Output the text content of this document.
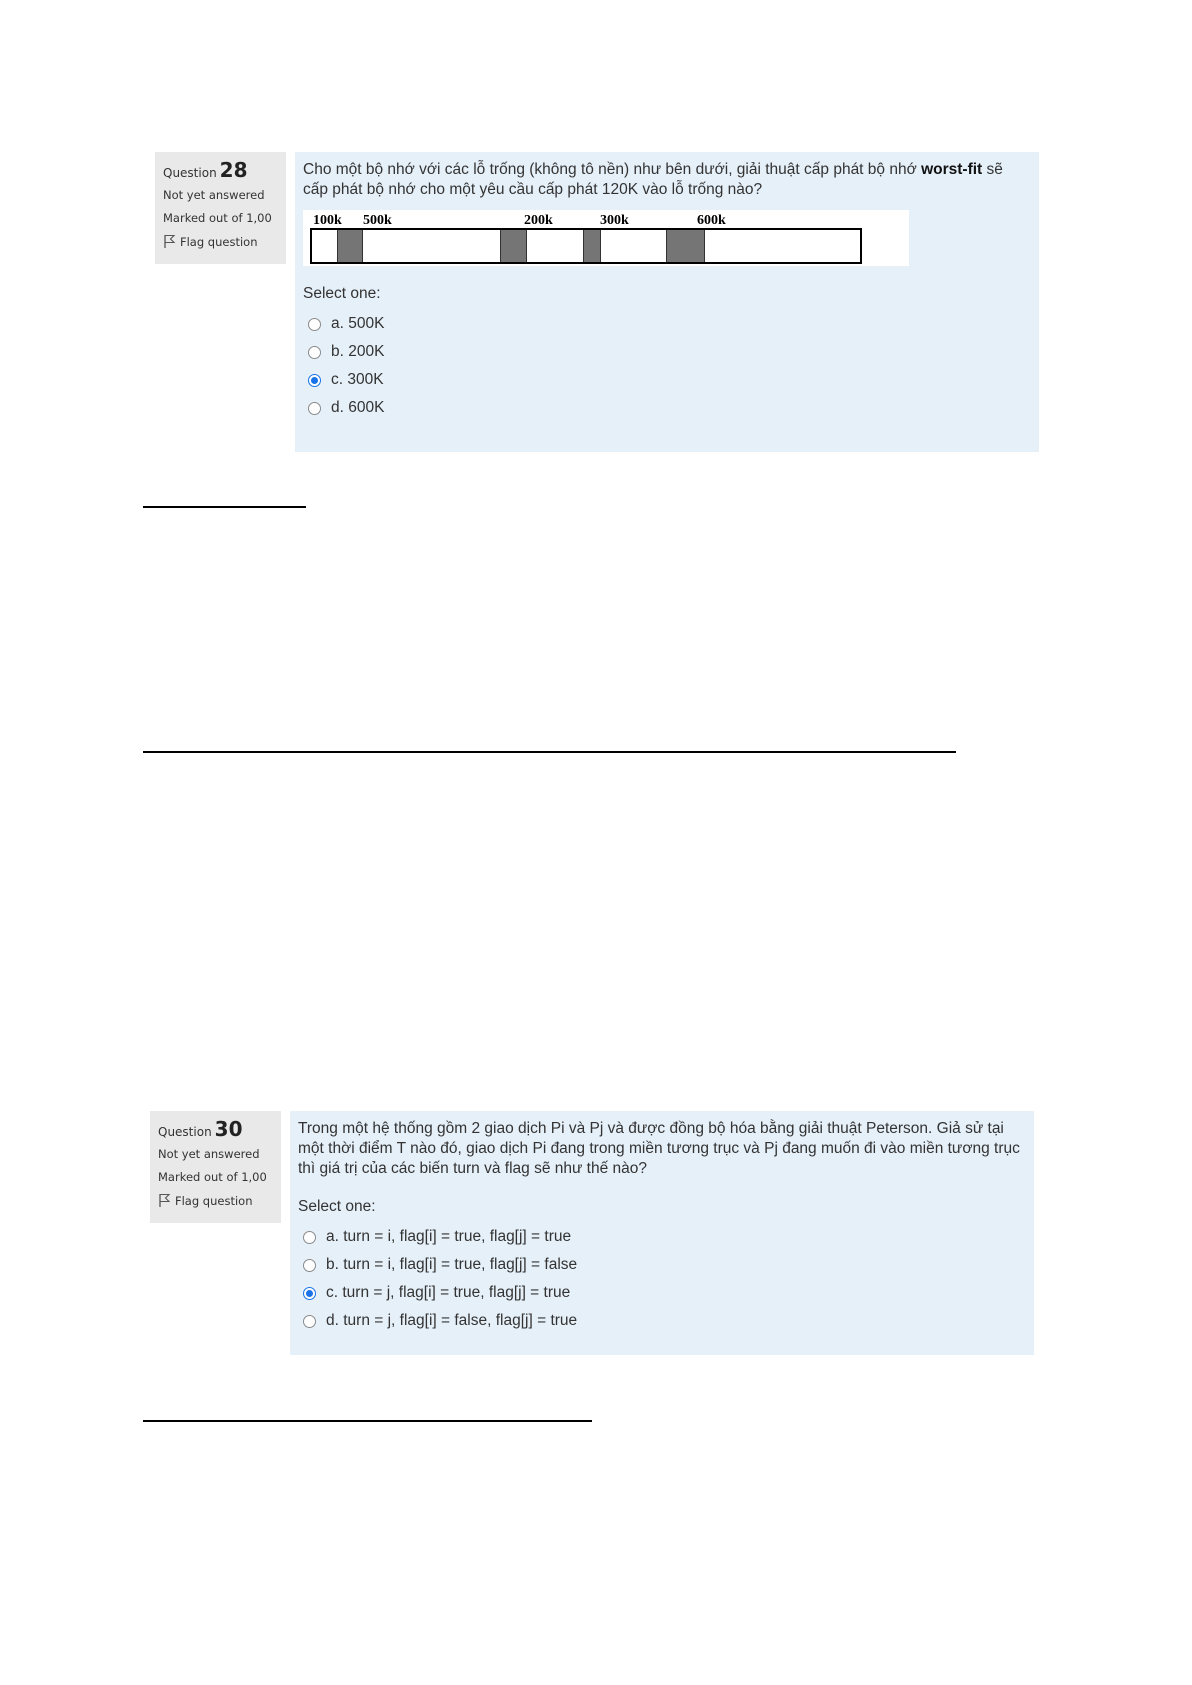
Question 28
Not yet answered
Marked out of 1,00
Flag question
Cho một bộ nhớ với các lỗ trống (không tô nền) như bên dưới, giải thuật cấp phát bộ nhớ worst-fit sẽ cấp phát bộ nhớ cho một yêu cầu cấp phát 120K vào lỗ trống nào?
100k 500k	200k	300k	600k
Select one:
a. 500K
b. 200K
c. 300K
d. 600K
Question 30
Not yet answered
Marked out of 1,00
Flag question
Trong một hệ thống gồm 2 giao dịch Pi và Pj và được đồng bộ hóa bằng giải thuật Peterson. Giả sử tại một thời điểm T nào đó, giao dịch Pi đang trong miền tương trục và Pj đang muốn đi vào miền tương trục thì giá trị của các biến turn và flag sẽ như thế nào?
Select one:
a. turn = i, flag[i] = true, flag[j] = true
b. turn = i, flag[i] = true, flag[j] = false
c. turn = j, flag[i] = true, flag[j] = true
d. turn = j, flag[i] = false, flag[j] = true
